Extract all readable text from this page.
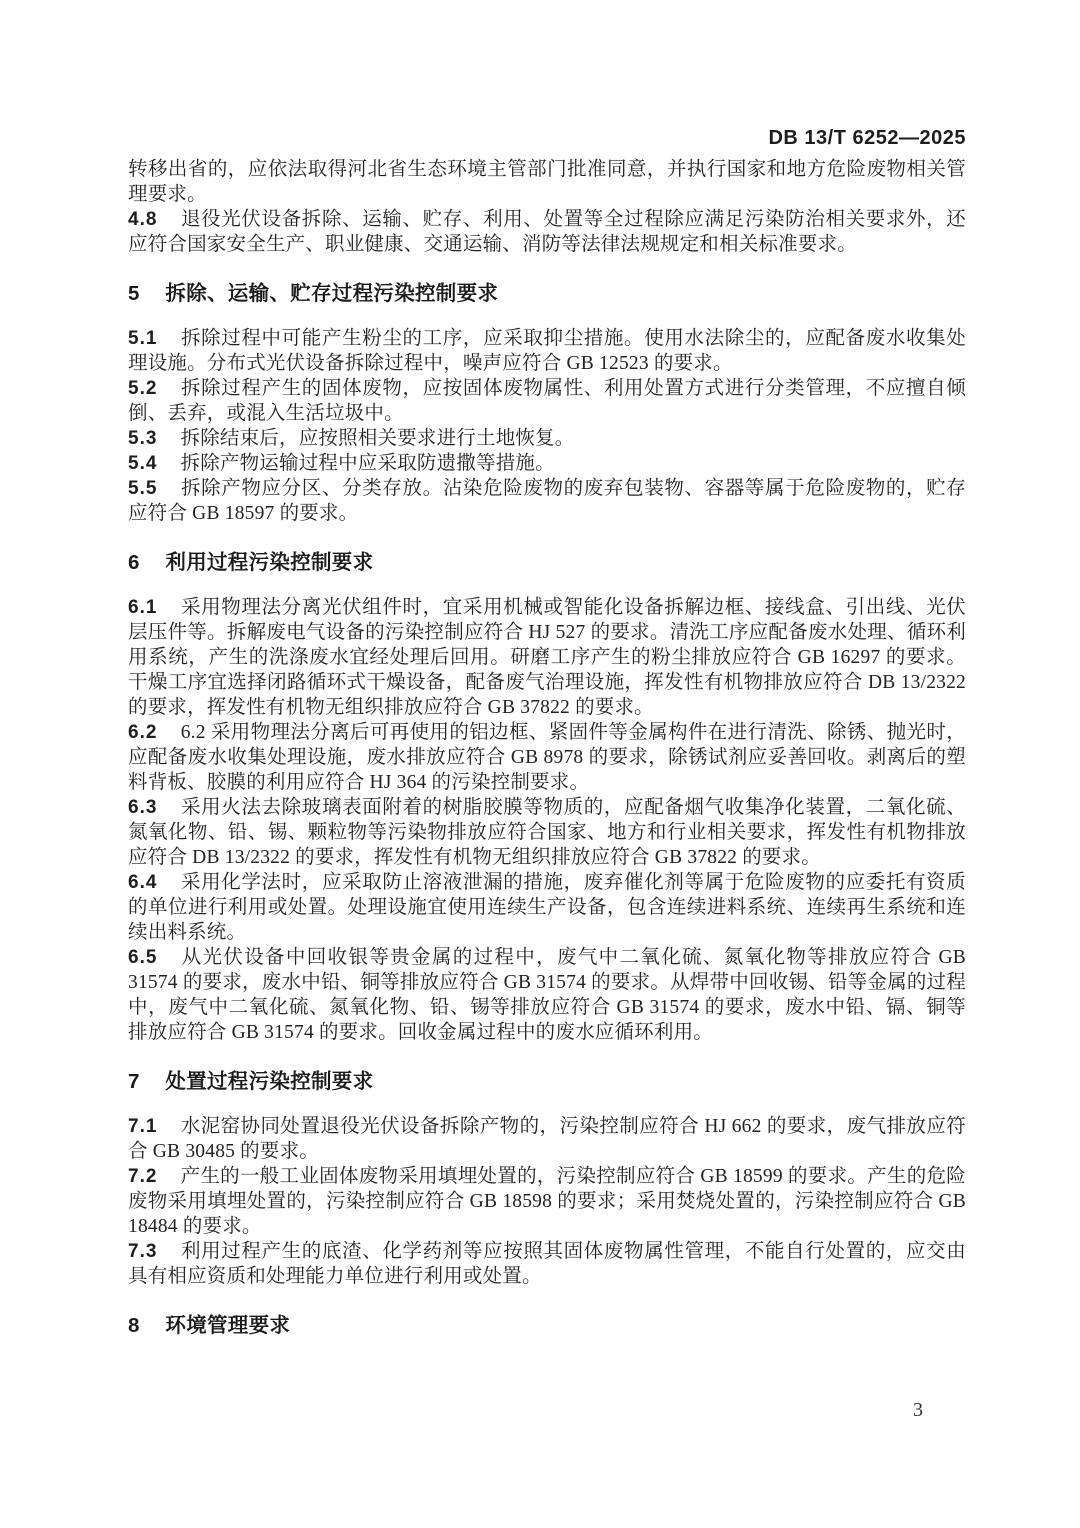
DB 13/T 6252—2025

转移出省的，应依法取得河北省生态环境主管部门批准同意，并执行国家和地方危险废物相关管理要求。

4.8 退役光伏设备拆除、运输、贮存、利用、处置等全过程除应满足污染防治相关要求外，还应符合国家安全生产、职业健康、交通运输、消防等法律法规规定和相关标准要求。

5 拆除、运输、贮存过程污染控制要求

5.1 拆除过程中可能产生粉尘的工序，应采取抑尘措施。使用水法除尘的，应配备废水收集处理设施。分布式光伏设备拆除过程中，噪声应符合 GB 12523 的要求。

5.2 拆除过程产生的固体废物，应按固体废物属性、利用处置方式进行分类管理，不应擅自倾倒、丢弃，或混入生活垃圾中。

5.3 拆除结束后，应按照相关要求进行土地恢复。

5.4 拆除产物运输过程中应采取防遗撒等措施。

5.5 拆除产物应分区、分类存放。沾染危险废物的废弃包装物、容器等属于危险废物的，贮存应符合 GB 18597 的要求。

6 利用过程污染控制要求

6.1 采用物理法分离光伏组件时，宜采用机械或智能化设备拆解边框、接线盒、引出线、光伏层压件等。拆解废电气设备的污染控制应符合 HJ 527 的要求。清洗工序应配备废水处理、循环利用系统，产生的洗涤废水宜经处理后回用。研磨工序产生的粉尘排放应符合 GB 16297 的要求。干燥工序宜选择闭路循环式干燥设备，配备废气治理设施，挥发性有机物排放应符合 DB 13/2322 的要求，挥发性有机物无组织排放应符合 GB 37822 的要求。

6.2 6.2 采用物理法分离后可再使用的铝边框、紧固件等金属构件在进行清洗、除锈、抛光时，应配备废水收集处理设施，废水排放应符合 GB 8978 的要求，除锈试剂应妥善回收。剥离后的塑料背板、胶膜的利用应符合 HJ 364 的污染控制要求。

6.3 采用火法去除玻璃表面附着的树脂胶膜等物质的，应配备烟气收集净化装置，二氧化硫、氮氧化物、铅、锡、颗粒物等污染物排放应符合国家、地方和行业相关要求，挥发性有机物排放应符合 DB 13/2322 的要求，挥发性有机物无组织排放应符合 GB 37822 的要求。

6.4 采用化学法时，应采取防止溶液泄漏的措施，废弃催化剂等属于危险废物的应委托有资质的单位进行利用或处置。处理设施宜使用连续生产设备，包含连续进料系统、连续再生系统和连续出料系统。

6.5 从光伏设备中回收银等贵金属的过程中，废气中二氧化硫、氮氧化物等排放应符合 GB 31574 的要求，废水中铅、铜等排放应符合 GB 31574 的要求。从焊带中回收锡、铅等金属的过程中，废气中二氧化硫、氮氧化物、铅、锡等排放应符合 GB 31574 的要求，废水中铅、镉、铜等排放应符合 GB 31574 的要求。回收金属过程中的废水应循环利用。

7 处置过程污染控制要求

7.1 水泥窑协同处置退役光伏设备拆除产物的，污染控制应符合 HJ 662 的要求，废气排放应符合 GB 30485 的要求。

7.2 产生的一般工业固体废物采用填埋处置的，污染控制应符合 GB 18599 的要求。产生的危险废物采用填埋处置的，污染控制应符合 GB 18598 的要求；采用焚烧处置的，污染控制应符合 GB 18484 的要求。

7.3 利用过程产生的底渣、化学药剂等应按照其固体废物属性管理，不能自行处置的，应交由具有相应资质和处理能力单位进行利用或处置。

8 环境管理要求
3
